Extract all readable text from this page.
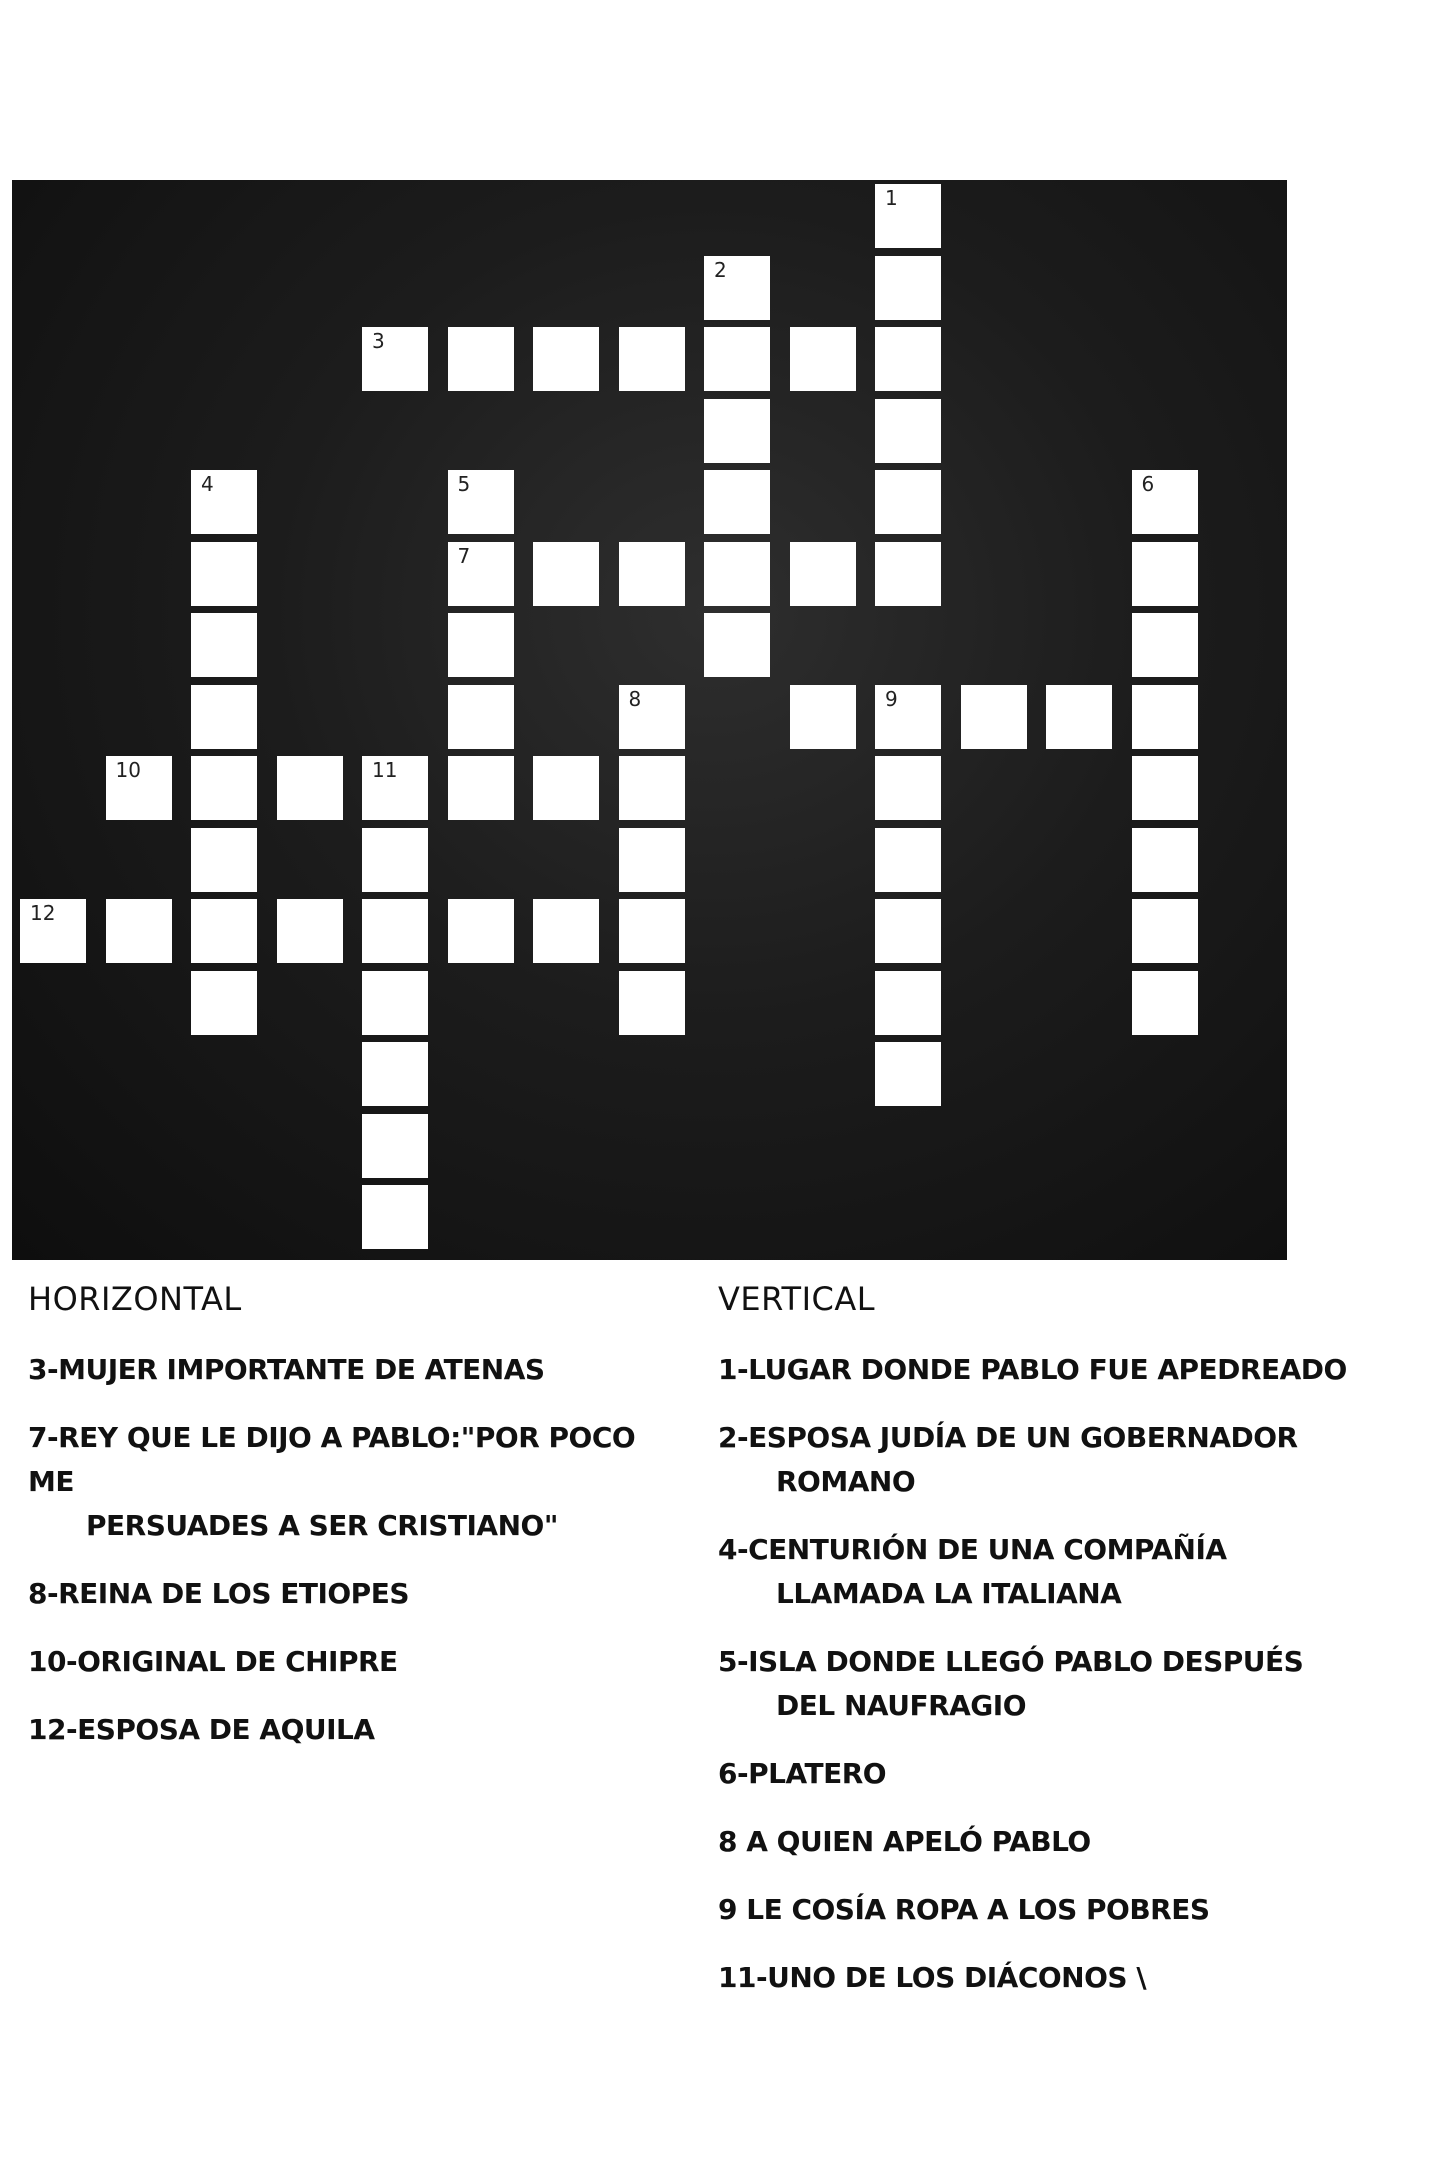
1
2
3
4	5
7
6
8	9
10	11
12
HORIZONTAL
3-MUJER IMPORTANTE DE ATENAS
7-REY QUE LE DIJO A PABLO:"POR POCO ME
PERSUADES A SER CRISTIANO"
8-REINA DE LOS ETIOPES
10-ORIGINAL DE CHIPRE
12-ESPOSA DE AQUILA
VERTICAL
1-LUGAR DONDE PABLO FUE APEDREADO
2-ESPOSA JUDÍA DE UN GOBERNADOR
ROMANO
4-CENTURIÓN DE UNA COMPAÑÍA
LLAMADA LA ITALIANA
5-ISLA DONDE LLEGÓ PABLO DESPUÉS
DEL NAUFRAGIO
6-PLATERO
8 A QUIEN APELÓ PABLO
9 LE COSÍA ROPA A LOS POBRES
11-UNO DE LOS DIÁCONOS \
